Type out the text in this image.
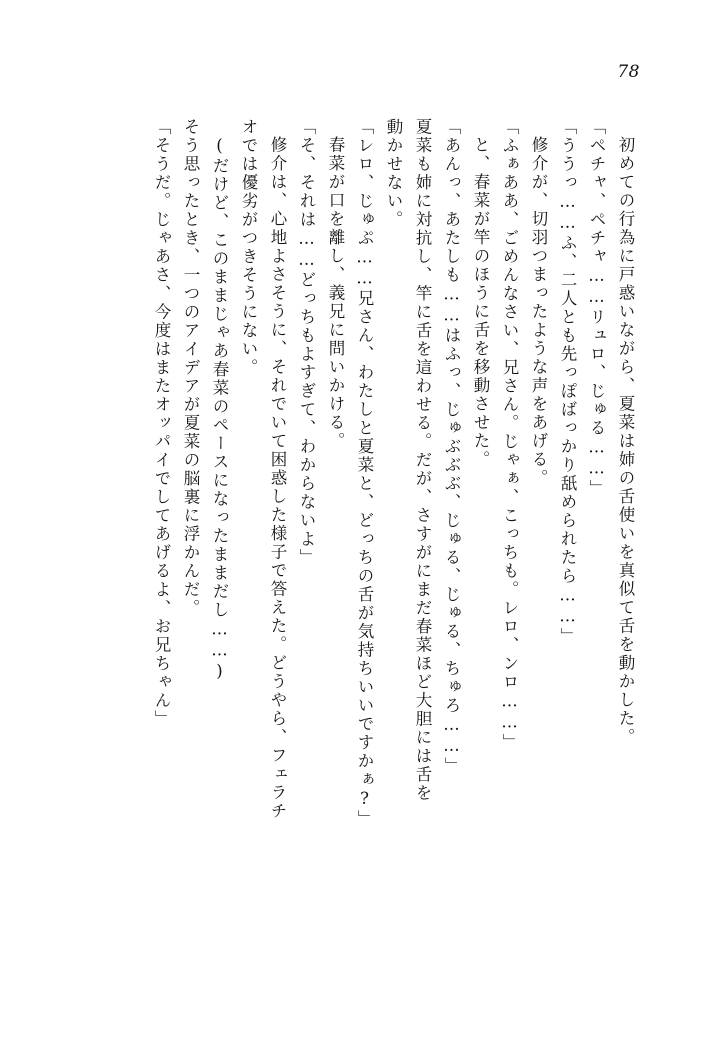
78
初めての行為に戸惑いながら、夏菜は姉の舌使いを真似て舌を動かした。
「ペチャ、ペチャ……リュロ、じゅる……」
「ううっ……ふ、二人とも先っぽばっかり舐められたら……」
修介が、切羽つまったような声をあげる。
「ふぁああ、ごめんなさい、兄さん。じゃぁ、こっちも。レロ、ンロ……」
と、春菜が竿のほうに舌を移動させた。
「あんっ、あたしも……はふっ、じゅぶぶぶ、じゅる、じゅる、ちゅろ……」
夏菜も姉に対抗し、竿に舌を這わせる。だが、さすがにまだ春菜ほど大胆には舌を
動かせない。
「レロ、じゅぷ……兄さん、わたしと夏菜と、どっちの舌が気持ちいいですかぁ?」
春菜が口を離し、義兄に問いかける。
「そ、それは……どっちもよすぎて、わからないよ」
修介は、心地よさそうに、それでいて困惑した様子で答えた。どうやら、フェラチ
オでは優劣がつきそうにない。
(だけど、このままじゃあ春菜のペースになったままだし……)
そう思ったとき、一つのアイデアが夏菜の脳裏に浮かんだ。
「そうだ。じゃあさ、今度はまたオッパイでしてあげるよ、お兄ちゃん」
